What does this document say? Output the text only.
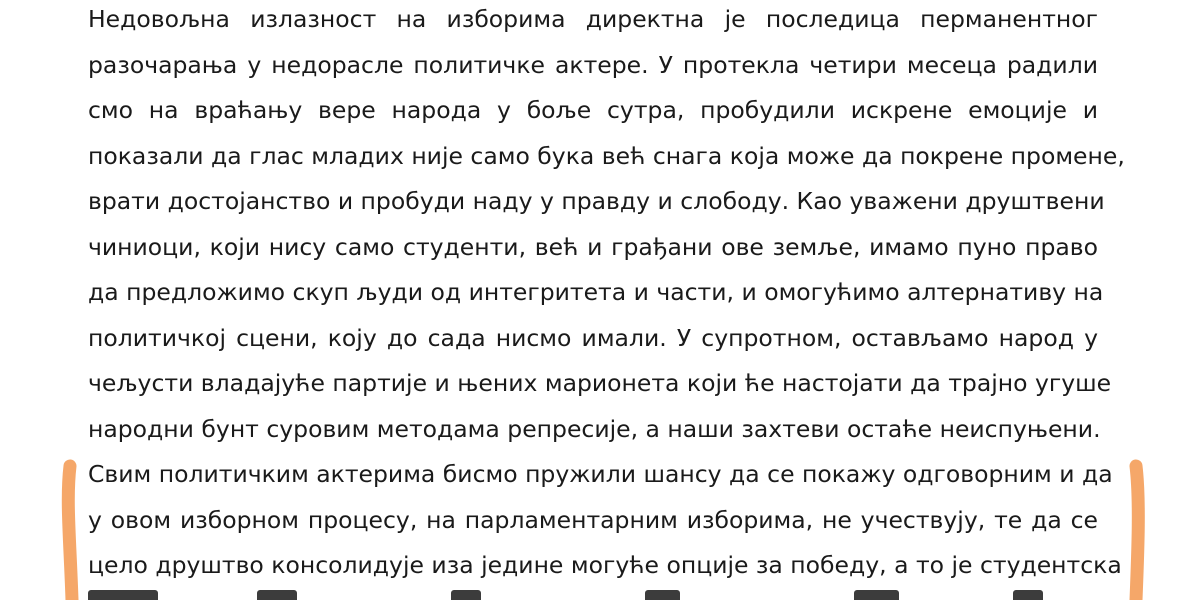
Недовољна излазност на изборима директна је последица перманентног
разочарања у недорасле политичке актере. У протекла четири месеца радили
смо на враћању вере народа у боље сутра, пробудили искрене емоције и
показали да глас младих није само бука већ снага која може да покрене промене,
врати достојанство и пробуди наду у правду и слободу. Као уважени друштвени
чиниоци, који нису само студенти, већ и грађани ове земље, имамо пуно право
да предложимо скуп људи од интегритета и части, и омогућимо алтернативу на
политичкој сцени, коју до сада нисмо имали. У супротном, остављамо народ у
чељусти владајуће партије и њених марионета који ће настојати да трајно угуше
народни бунт суровим методама репресије, а наши захтеви остаће неиспуњени.
Свим политичким актерима бисмо пружили шансу да се покажу одговорним и да
у овом изборном процесу, на парламентарним изборима, не учествују, те да се
цело друштво консолидује иза једине могуће опције за победу, а то је студентска
